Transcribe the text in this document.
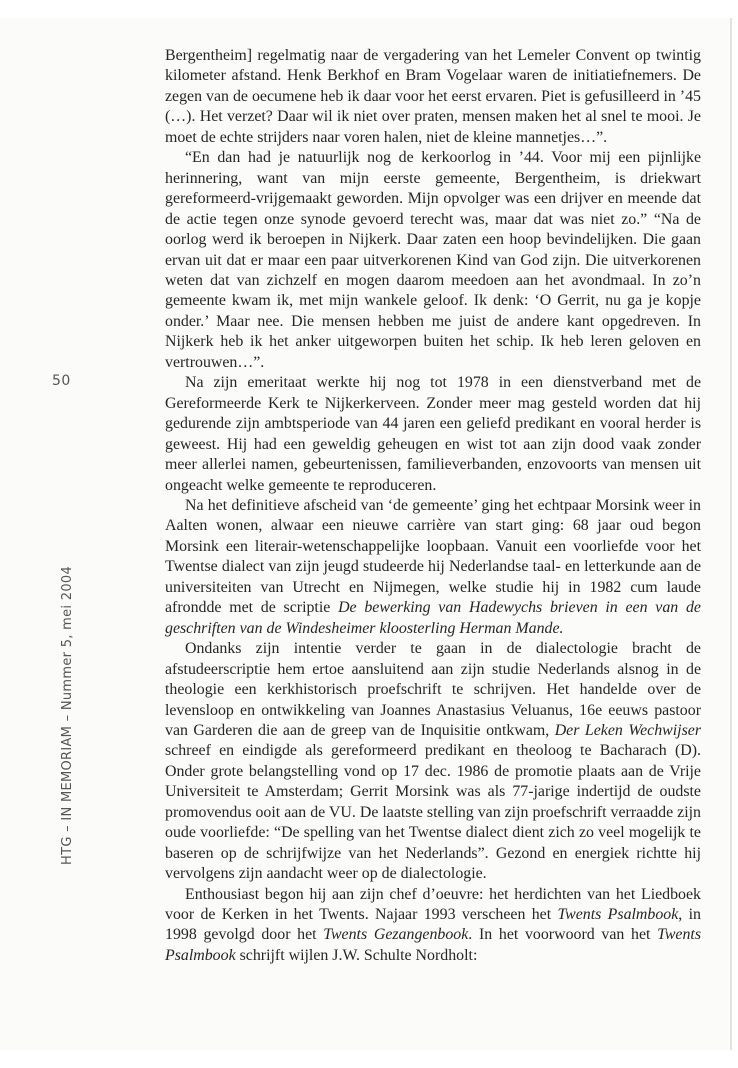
50
HTG – IN MEMORIAM – Nummer 5, mei 2004

Bergentheim] regelmatig naar de vergadering van het Lemeler Convent op twintig kilometer afstand. Henk Berkhof en Bram Vogelaar waren de initiatiefnemers. De zegen van de oecumene heb ik daar voor het eerst ervaren. Piet is gefusilleerd in ’45 (…). Het verzet? Daar wil ik niet over praten, mensen maken het al snel te mooi. Je moet de echte strijders naar voren halen, niet de kleine mannetjes…”.

“En dan had je natuurlijk nog de kerkoorlog in ’44. Voor mij een pijnlijke herinnering, want van mijn eerste gemeente, Bergentheim, is driekwart gereformeerd-vrijgemaakt geworden. Mijn opvolger was een drijver en meende dat de actie tegen onze synode gevoerd terecht was, maar dat was niet zo.” “Na de oorlog werd ik beroepen in Nijkerk. Daar zaten een hoop bevindelijken. Die gaan ervan uit dat er maar een paar uitverkorenen Kind van God zijn. Die uitverkorenen weten dat van zichzelf en mogen daarom meedoen aan het avondmaal. In zo’n gemeente kwam ik, met mijn wankele geloof. Ik denk: ‘O Gerrit, nu ga je kopje onder.’ Maar nee. Die mensen hebben me juist de andere kant opgedreven. In Nijkerk heb ik het anker uitgeworpen buiten het schip. Ik heb leren geloven en vertrouwen…”.

Na zijn emeritaat werkte hij nog tot 1978 in een dienstverband met de Gereformeerde Kerk te Nijkerkerveen. Zonder meer mag gesteld worden dat hij gedurende zijn ambtsperiode van 44 jaren een geliefd predikant en vooral herder is geweest. Hij had een geweldig geheugen en wist tot aan zijn dood vaak zonder meer allerlei namen, gebeurtenissen, familieverbanden, enzovoorts van mensen uit ongeacht welke gemeente te reproduceren.

Na het definitieve afscheid van ‘de gemeente’ ging het echtpaar Morsink weer in Aalten wonen, alwaar een nieuwe carrière van start ging: 68 jaar oud begon Morsink een literair-wetenschappelijke loopbaan. Vanuit een voorliefde voor het Twentse dialect van zijn jeugd studeerde hij Nederlandse taal- en letterkunde aan de universiteiten van Utrecht en Nijmegen, welke studie hij in 1982 cum laude afrondde met de scriptie De bewerking van Hadewychs brieven in een van de geschriften van de Windesheimer kloosterling Herman Mande.

Ondanks zijn intentie verder te gaan in de dialectologie bracht de afstudeerscriptie hem ertoe aansluitend aan zijn studie Nederlands alsnog in de theologie een kerkhistorisch proefschrift te schrijven. Het handelde over de levensloop en ontwikkeling van Joannes Anastasius Veluanus, 16e eeuws pastoor van Garderen die aan de greep van de Inquisitie ontkwam, Der Leken Wechwijser schreef en eindigde als gereformeerd predikant en theoloog te Bacharach (D). Onder grote belangstelling vond op 17 dec. 1986 de promotie plaats aan de Vrije Universiteit te Amsterdam; Gerrit Morsink was als 77-jarige indertijd de oudste promovendus ooit aan de VU. De laatste stelling van zijn proefschrift verraadde zijn oude voorliefde: “De spelling van het Twentse dialect dient zich zo veel mogelijk te baseren op de schrijfwijze van het Nederlands”. Gezond en energiek richtte hij vervolgens zijn aandacht weer op de dialectologie.

Enthousiast begon hij aan zijn chef d’oeuvre: het herdichten van het Liedboek voor de Kerken in het Twents. Najaar 1993 verscheen het Twents Psalmbook, in 1998 gevolgd door het Twents Gezangenbook. In het voorwoord van het Twents Psalmbook schrijft wijlen J.W. Schulte Nordholt:
